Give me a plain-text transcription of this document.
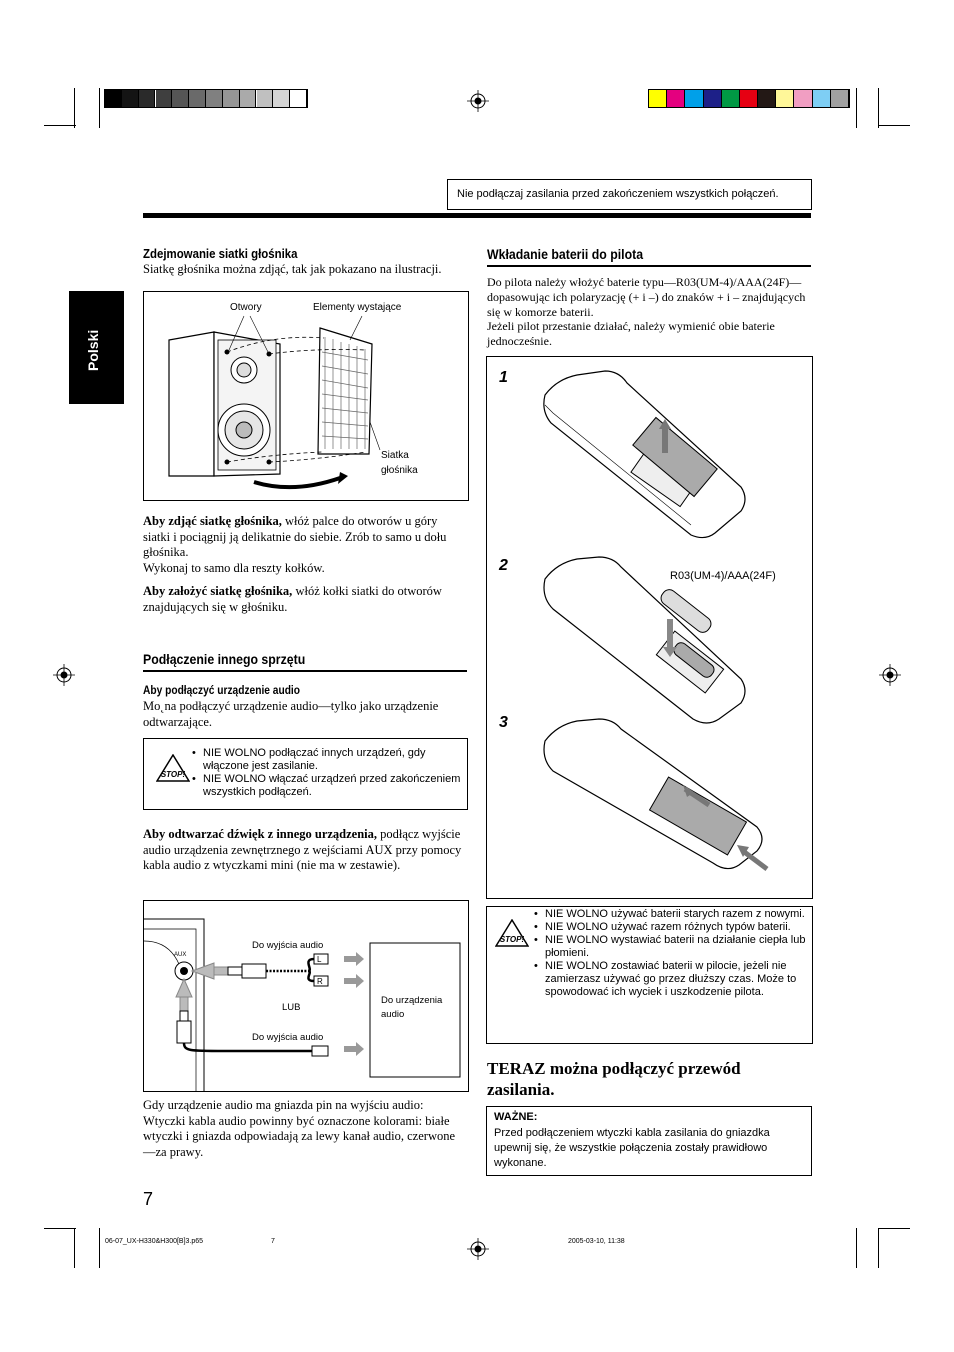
Nie podłączaj zasilania przed zakończeniem wszystkich połączeń.
Polski
Zdejmowanie siatki głośnika
Siatkę głośnika można zdjąć, tak jak pokazano na ilustracji.
Otwory	Elementy wystające
Siatka
głośnika
Aby zdjąć siatkę głośnika, włóż palce do otworów u góry siatki i pociągnij ją delikatnie do siebie. Zrób to samo u dołu głośnika.
Wykonaj to samo dla reszty kołków.
Aby założyć siatkę głośnika, włóż kołki siatki do otworów znajdujących się w głośniku.
Podłączenie innego sprzętu
Aby podłączyć urządzenie audio
Mo˛na podłączyć urządzenie audio—tylko jako urządzenie odtwarzające.
STOP!
• NIE WOLNO podłączać innych urządzeń, gdy włączone jest zasilanie.
• NIE WOLNO włączać urządzeń przed zakończeniem wszystkich podłączeń.
Aby odtwarzać dźwięk z innego urządzenia, podłącz wyjście audio urządzenia zewnętrznego z wejściami AUX przy pomocy kabla audio z wtyczkami mini (nie ma w zestawie).
AUX
Do wyjścia audio
L
R
LUB
Do wyjścia audio
Do urządzenia
audio
Gdy urządzenie audio ma gniazda pin na wyjściu audio: Wtyczki kabla audio powinny być oznaczone kolorami: białe wtyczki i gniazda odpowiadają za lewy kanał audio, czerwone—za prawy.
Wkładanie baterii do pilota
Do pilota należy włożyć baterie typu—R03(UM-4)/AAA(24F)—dopasowując ich polaryzację (+ i –) do znaków + i – znajdujących się w komorze baterii.
Jeżeli pilot przestanie działać, należy wymienić obie baterie jednocześnie.
1
2
3
R03(UM-4)/AAA(24F)
STOP!
• NIE WOLNO używać baterii starych razem z nowymi.
• NIE WOLNO używać razem różnych typów baterii.
• NIE WOLNO wystawiać baterii na działanie ciepła lub płomieni.
• NIE WOLNO zostawiać baterii w pilocie, jeżeli nie zamierzasz używać go przez dłuższy czas. Może to spowodować ich wyciek i uszkodzenie pilota.
TERAZ można podłączyć przewód zasilania.
WAŻNE:
Przed podłączeniem wtyczki kabla zasilania do gniazdka upewnij się, że wszystkie połączenia zostały prawidłowo wykonane.
7
06-07_UX-H330&H300[B]3.p65	7	2005-03-10, 11:38
